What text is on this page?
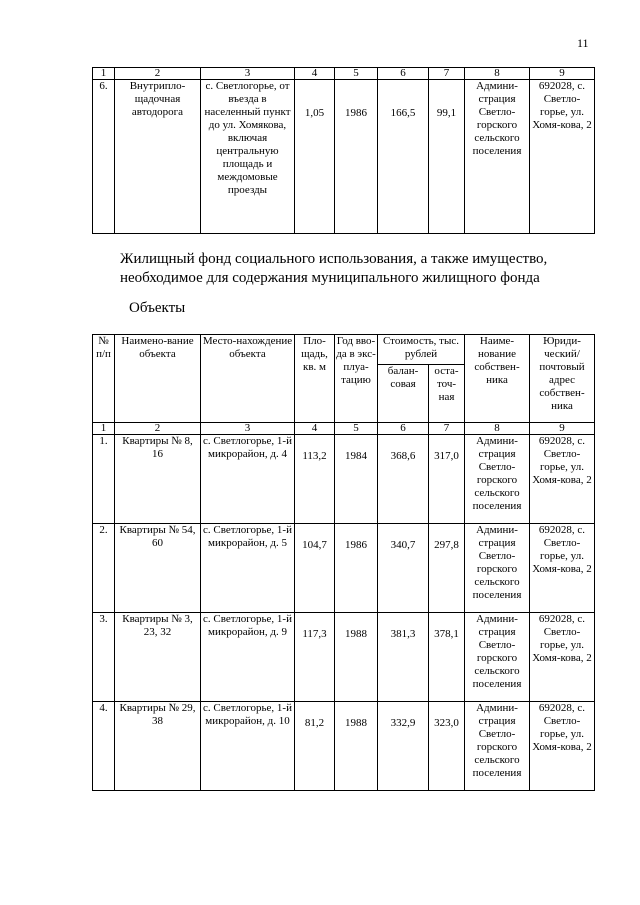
11
1	2	3	4	5	6	7	8	9
6.	Внутрипло-щадочная автодорога	с. Светлогорье, от въезда в населенный пункт до ул. Хомякова, включая центральную площадь и междомовые проезды	1,05	1986	166,5	99,1	Админи-страция Светло-горского сельского поселения	692028, с. Светло-горье, ул. Хомя-кова, 2
Жилищный фонд социального использования, а также имущество,
необходимое для содержания муниципального жилищного фонда
Объекты
№ п/п	Наимено-вание объекта	Место-нахождение объекта	Пло-щадь, кв. м	Год вво-да в экс-плуа-тацию	Стоимость, тыс. рублей		Наиме-нование собствен-ника	Юриди-ческий/ почтовый адрес собствен-ника
					балан-совая	оста-точ-ная		
1	2	3	4	5	6	7	8	9
1.	Квартиры № 8, 16	с. Светлогорье, 1-й микрорайон, д. 4	113,2	1984	368,6	317,0	Админи-страция Светло-горского сельского поселения	692028, с. Светло-горье, ул. Хомя-кова, 2
2.	Квартиры № 54, 60	с. Светлогорье, 1-й микрорайон, д. 5	104,7	1986	340,7	297,8	Админи-страция Светло-горского сельского поселения	692028, с. Светло-горье, ул. Хомя-кова, 2
3.	Квартиры № 3, 23, 32	с. Светлогорье, 1-й микрорайон, д. 9	117,3	1988	381,3	378,1	Админи-страция Светло-горского сельского поселения	692028, с. Светло-горье, ул. Хомя-кова, 2
4.	Квартиры № 29, 38	с. Светлогорье, 1-й микрорайон, д. 10	81,2	1988	332,9	323,0	Админи-страция Светло-горского сельского поселения	692028, с. Светло-горье, ул. Хомя-кова, 2
